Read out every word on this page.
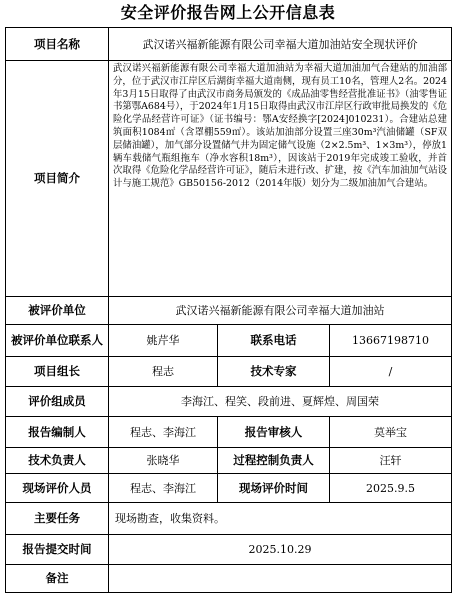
安全评价报告网上公开信息表
项目名称	武汉诺兴福新能源有限公司幸福大道加油站安全现状评价		
项目简介	武汉诺兴福新能源有限公司幸福大道加油站为幸福大道加油加气合建站的加油部分，位于武汉市江岸区后湖街幸福大道南侧，现有员工10名，管理人2名。2024年3月15日取得了由武汉市商务局颁发的《成品油零售经营批准证书》（油零售证书第鄂A684号），于2024年1月15日取得由武汉市江岸区行政审批局换发的《危险化学品经营许可证》（证书编号：鄂A安经换字[2024]010231）。合建站总建筑面积1084㎡（含罩棚559㎡）。该站加油部分设置三座30m³汽油储罐（SF双层储油罐），加气部分设置储气井为固定储气设施（2×2.5m³、1×3m³），停放1辆车载储气瓶组拖车（净水容积18m³），因该站于2019年完成竣工验收，并首次取得《危险化学品经营许可证》，随后未进行改、扩建，按《汽车加油加气站设计与施工规范》GB50156-2012（2014年版）划分为二级加油加气合建站。		
被评价单位	武汉诺兴福新能源有限公司幸福大道加油站		
被评价单位联系人	姚芹华	联系电话	13667198710
项目组长	程志	技术专家	/
评价组成员	李海江、程笑、段前进、夏辉煌、周国荣		
报告编制人	程志、李海江	报告审核人	莫举宝
技术负责人	张晓华	过程控制负责人	汪轩
现场评价人员	程志、李海江	现场评价时间	2025.9.5
主要任务	现场勘查，收集资料。		
报告提交时间	2025.10.29		
备注			
